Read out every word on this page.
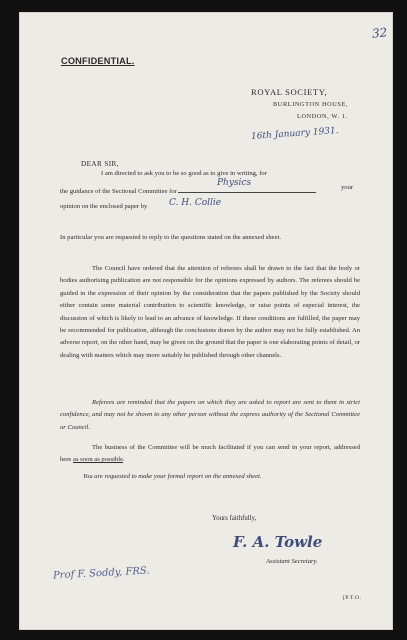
32
CONFIDENTIAL.
ROYAL SOCIETY,
BURLINGTON HOUSE,
LONDON, W. 1.
16th January 1931.
DEAR SIR,
I am directed to ask you to be so good as to give in writing, for
the guidance of the Sectional Committee for
your
Physics
opinion on the enclosed paper by C. H. Collie
In particular you are requested to reply to the questions stated on the annexed sheet.
The Council have ordered that the attention of referees shall be drawn to the fact that the body or bodies authorising publication are not responsible for the opinions expressed by authors. The referees should be guided in the expression of their opinion by the consideration that the papers published by the Society should either contain some material contribution to scientific knowledge, or raise points of especial interest, the discussion of which is likely to lead to an advance of knowledge. If these conditions are fulfilled, the paper may be recommended for publication, although the conclusions drawn by the author may not be fully established. An adverse report, on the other hand, may be given on the ground that the paper is one elaborating points of detail, or dealing with matters which may more suitably be published through other channels.
Referees are reminded that the papers on which they are asked to report are sent to them in strict confidence, and may not be shown to any other person without the express authority of the Sectional Committee or Council.
The business of the Committee will be much facilitated if you can send in your report, addressed here as soon as possible.
You are requested to make your formal report on the annexed sheet.
Yours faithfully,
F. A. Towle
Assistant Secretary.
Prof F. Soddy, FRS.
[P.T.O.
